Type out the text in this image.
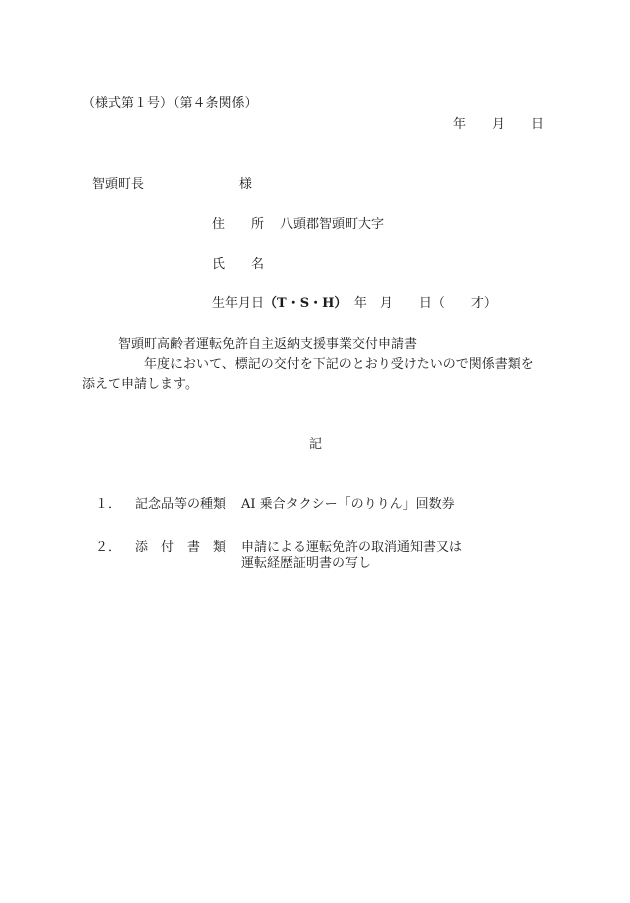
（様式第１号）（第４条関係）
年　　月　　日
智頭町長	様
住　　所 八頭郡智頭町大字
氏　　名
生年月日（T・S・H）　年　月　　日（　　才）
智頭町高齢者運転免許自主返納支援事業交付申請書
年度において、標記の交付を下記のとおり受けたいので関係書類を
添えて申請します。
記
１． 記念品等の種類 AI 乗合タクシー「のりりん」回数券
２． 添　付　書　類 申請による運転免許の取消通知書又は
運転経歴証明書の写し
